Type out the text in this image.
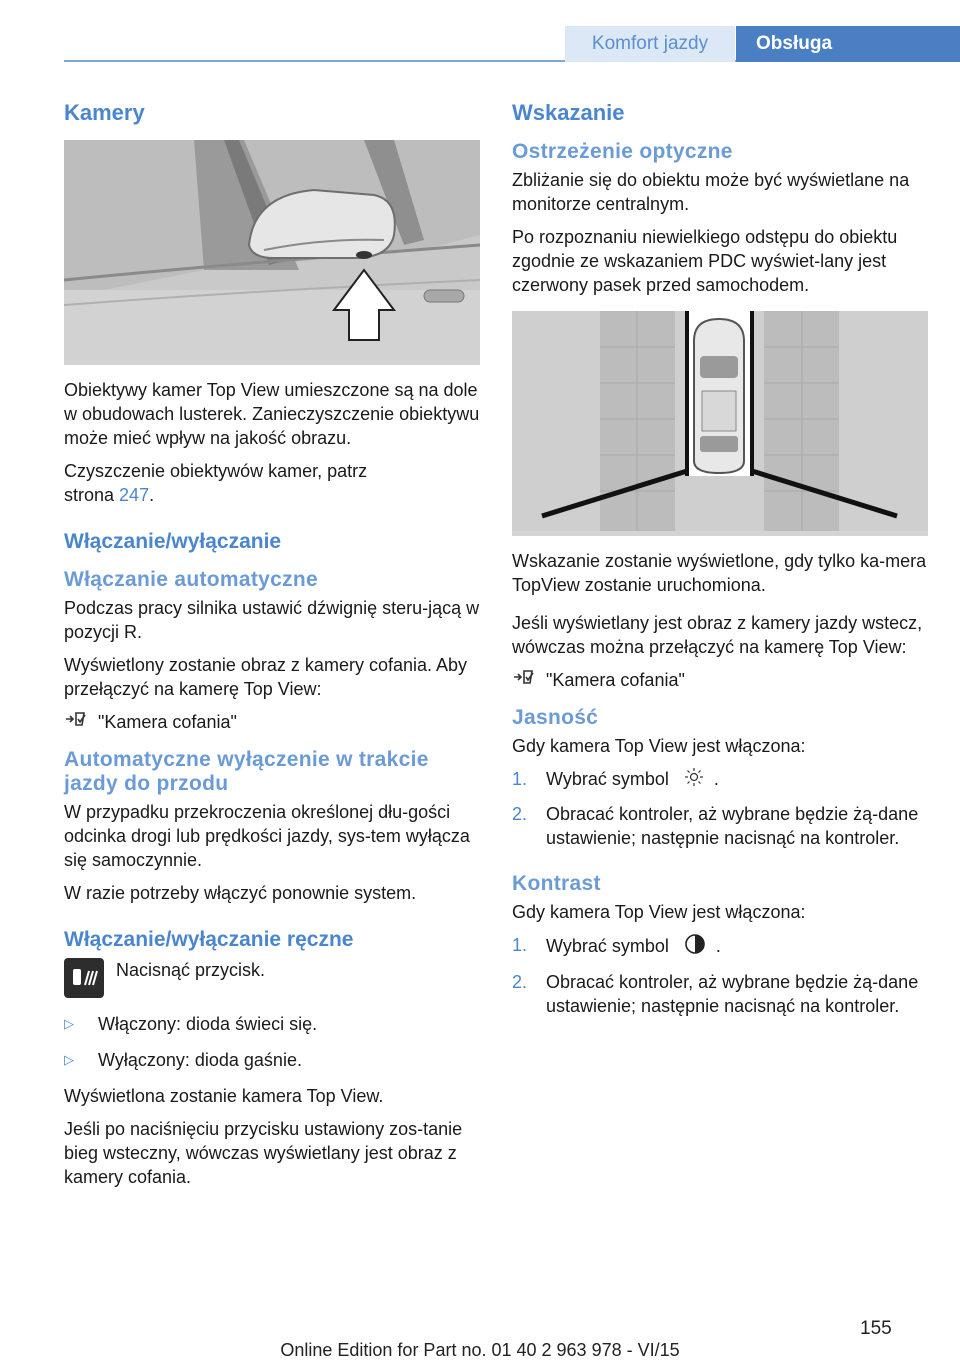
Komfort jazdy	Obsługa
Kamery

Obiektywy kamer Top View umieszczone są na dole w obudowach lusterek. Zanieczyszczenie obiektywu może mieć wpływ na jakość obrazu.

Czyszczenie obiektywów kamer, patrz
strona 247.

Włączanie/wyłączanie
Włączanie automatyczne

Podczas pracy silnika ustawić dźwignię steru‐jącą w pozycji R.

Wyświetlony zostanie obraz z kamery cofania. Aby przełączyć na kamerę Top View:

"Kamera cofania"
Automatyczne wyłączenie w trakcie jazdy do przodu

W przypadku przekroczenia określonej dłu‐gości odcinka drogi lub prędkości jazdy, sys‐tem wyłącza się samoczynnie.

W razie potrzeby włączyć ponownie system.

Włączanie/wyłączanie ręczne

Nacisnąć przycisk.

▷	Włączony: dioda świeci się.
▷	Wyłączony: dioda gaśnie.

Wyświetlona zostanie kamera Top View.

Jeśli po naciśnięciu przycisku ustawiony zos‐tanie bieg wsteczny, wówczas wyświetlany jest obraz z kamery cofania.

Wskazanie
Ostrzeżenie optyczne

Zbliżanie się do obiektu może być wyświetlane na monitorze centralnym.

Po rozpoznaniu niewielkiego odstępu do obiektu zgodnie ze wskazaniem PDC wyświet‐lany jest czerwony pasek przed samochodem.

Wskazanie zostanie wyświetlone, gdy tylko ka‐mera TopView zostanie uruchomiona.

Jeśli wyświetlany jest obraz z kamery jazdy wstecz, wówczas można przełączyć na kamerę Top View:

"Kamera cofania"
Jasność

Gdy kamera Top View jest włączona:

1.	Wybrać symbol	.
2.	Obracać kontroler, aż wybrane będzie żą‐dane ustawienie; następnie nacisnąć na kontroler.
Kontrast

Gdy kamera Top View jest włączona:

1.	Wybrać symbol	.
2.	Obracać kontroler, aż wybrane będzie żą‐dane ustawienie; następnie nacisnąć na kontroler.
155
Online Edition for Part no. 01 40 2 963 978 - VI/15
